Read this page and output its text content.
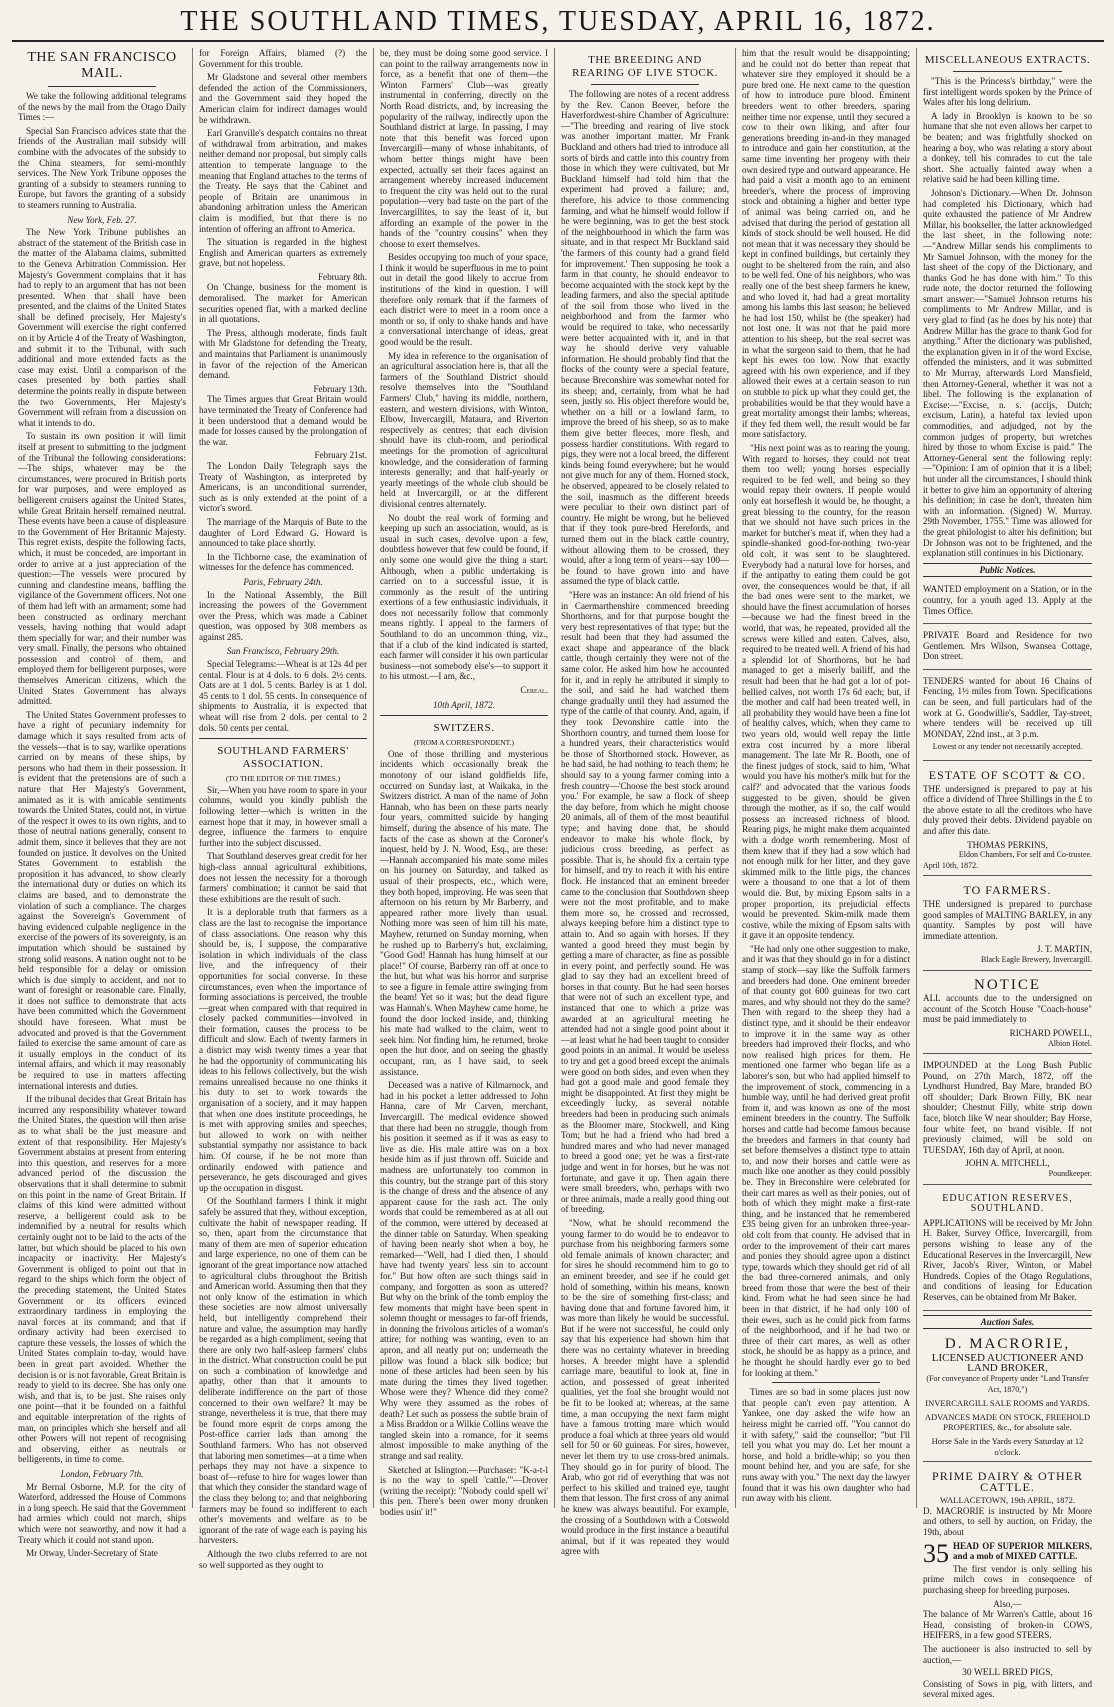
THE SOUTHLAND TIMES, TUESDAY, APRIL 16, 1872.
THE SAN FRANCISCO MAIL.

We take the following additional telegrams of the news by the mail from the Otago Daily Times :—

Special San Francisco advices state that the friends of the Australian mail subsidy will combine with the advocates of the subsidy to the China steamers, for semi-monthly services. The New York Tribune opposes the granting of a subsidy to steamers running to Europe, but favors the granting of a subsidy to steamers running to Australia.

New York, Feb. 27.

The New York Tribune publishes an abstract of the statement of the British case in the matter of the Alabama claims, submitted to the Geneva Arbitration Commission. Her Majesty's Government complains that it has had to reply to an argument that has not been presented. When that shall have been presented, and the claims of the United States shall be defined precisely, Her Majesty's Government will exercise the right conferred on it by Article 4 of the Treaty of Washington, and submit it to the Tribunal, with such additional and more extended facts as the case may exist. Until a comparison of the cases presented by both parties shall determine the points really in dispute between the two Governments, Her Majesty's Government will refrain from a discussion on what it intends to do.

To sustain its own position it will limit itself at present to submitting to the judgment of the Tribunal the following considerations:—The ships, whatever may be the circumstances, were procured in British ports for war purposes, and were employed as belligerent cruisers against the United States, while Great Britain herself remained neutral. These events have been a cause of displeasure to the Government of Her Britannic Majesty. This regret exists, despite the following facts, which, it must be conceded, are important in order to arrive at a just appreciation of the question:—The vessels were procured by cunning and clandestine means, baffling the vigilance of the Government officers. Not one of them had left with an armament; some had been constructed as ordinary merchant vessels, having nothing that would adapt them specially for war; and their number was very small. Finally, the persons who obtained possession and control of them, and employed them for belligerent purposes, were themselves American citizens, which the United States Government has always admitted.

The United States Government professes to have a right of pecuniary indemnity for damage which it says resulted from acts of the vessels—that is to say, warlike operations carried on by means of these ships, by persons who had them in their possession. It is evident that the pretensions are of such a nature that Her Majesty's Government, animated as it is with amicable sentiments towards the United States, could not, in virtue of the respect it owes to its own rights, and to those of neutral nations generally, consent to admit them, since it believes that they are not founded on justice. It devolves on the United States Government to establish the proposition it has advanced, to show clearly the international duty or duties on which its claims are based, and to demonstrate the violation of such a compliance. The charges against the Sovereign's Government of having evidenced culpable negligence in the exercise of the powers of its sovereignty, is an imputation which should be sustained by strong solid reasons. A nation ought not to be held responsible for a delay or omission which is due simply to accident, and not to want of foresight or reasonable care. Finally, it does not suffice to demonstrate that acts have been committed which the Government should have foreseen. What must be advocated and proved is that the Government failed to exercise the same amount of care as it usually employs in the conduct of its internal affairs, and which it may reasonably be required to use in matters affecting international interests and duties.

If the tribunal decides that Great Britain has incurred any responsibility whatever toward the United States, the question will then arise as to what shall be the just measure and extent of that responsibility. Her Majesty's Government abstains at present from entering into this question, and reserves for a more advanced period of the discussion the observations that it shall determine to submit on this point in the name of Great Britain. If claims of this kind were admitted without reserve, a belligerent could ask to be indemnified by a neutral for results which certainly ought not to be laid to the acts of the latter, but which should be placed to his own incapacity or inactivity. Her Majesty's Government is obliged to point out that in regard to the ships which form the object of the preceding statement, the United States Government or its officers evinced extraordinary tardiness in employing the naval forces at its command; and that if ordinary activity had been exercised to capture these vessels, the losses of which the United States complain to-day, would have been in great part avoided. Whether the decision is or is not favorable, Great Britain is ready to yield to its decree. She has only one wish, and that is, to be just. She raises only one point—that it be founded on a faithful and equitable interpretation of the rights of man, on principles which she herself and all other Powers will not repent of recognising and observing, either as neutrals or belligerents, in time to come.

London, February 7th.

Mr Bernal Osborne, M.P. for the city of Waterford, addressed the House of Commons in a long speech. He said that the Government had armies which could not march, ships which were not seaworthy, and now it had a Treaty which it could not stand upon.

Mr Otway, Under-Secretary of State

for Foreign Affairs, blamed (?) the Government for this trouble.

Mr Gladstone and several other members defended the action of the Commissioners, and the Government said they hoped the American claim for indirect damages would be withdrawn.

Earl Granville's despatch contains no threat of withdrawal from arbitration, and makes neither demand nor proposal, but simply calls attention to temperate language to the meaning that England attaches to the terms of the Treaty. He says that the Cabinet and people of Britain are unanimous in abandoning arbitration unless the American claim is modified, but that there is no intention of offering an affront to America.

The situation is regarded in the highest English and American quarters as extremely grave, but not hopeless.

February 8th.

On 'Change, business for the moment is demoralised. The market for American securities opened flat, with a marked decline in all quotations.

The Press, although moderate, finds fault with Mr Gladstone for defending the Treaty, and maintains that Parliament is unanimously in favor of the rejection of the American demand.

February 13th.

The Times argues that Great Britain would have terminated the Treaty of Conference had it been understood that a demand would be made for losses caused by the prolongation of the war.

February 21st.

The London Daily Telegraph says the Treaty of Washington, as interpreted by Americans, is an unconditional surrender, such as is only extended at the point of a victor's sword.

The marriage of the Marquis of Bute to the daughter of Lord Edward G. Howard is announced to take place shortly.

In the Tichborne case, the examination of witnesses for the defence has commenced.

Paris, February 24th.

In the National Assembly, the Bill increasing the powers of the Government over the Press, which was made a Cabinet question, was opposed by 308 members as against 285.

San Francisco, February 29th.

Special Telegrams:—Wheat is at 12s 4d per cental. Flour is at 4 dols. to 6 dols. 2½ cents. Oats are at 1 dol. 5 cents. Barley is at 1 dol. 45 cents to 1 dol. 55 cents. In consequence of shipments to Australia, it is expected that wheat will rise from 2 dols. per cental to 2 dols. 50 cents per cental.

SOUTHLAND FARMERS' ASSOCIATION.
(TO THE EDITOR OF THE TIMES.)

Sir,—When you have room to spare in your columns, would you kindly publish the following letter—which is written in the earnest hope that it may, in however small a degree, influence the farmers to enquire further into the subject discussed.

That Southland deserves great credit for her high-class annual agricultural exhibitions, does not lessen the necessity for a thorough farmers' combination; it cannot be said that these exhibitions are the result of such.

It is a deplorable truth that farmers as a class are the last to recognise the importance of class associations. One reason why this should be, is, I suppose, the comparative isolation in which individuals of the class live, and the infrequency of their opportunities for social converse. In these circumstances, even when the importance of forming associations is perceived, the trouble—great when compared with that required in closely packed communities—involved in their formation, causes the process to be difficult and slow. Each of twenty farmers in a district may wish twenty times a year that he had the opportunity of communicating his ideas to his fellows collectively, but the wish remains unrealised because no one thinks it his duty to set to work towards the organisation of a society, and it may happen that when one does institute proceedings, he is met with approving smiles and speeches, but allowed to work on with neither substantial sympathy nor assistance to back him. Of course, if he be not more than ordinarily endowed with patience and perseverance, he gets discouraged and gives up the occupation in disgust.

Of the Southland farmers I think it might safely be assured that they, without exception, cultivate the habit of newspaper reading. If so, then, apart from the circumstance that many of them are men of superior education and large experience, no one of them can be ignorant of the great importance now attached to agricultural clubs throughout the British and American world. Assuming then that they not only know of the estimation in which these societies are now almost universally held, but intelligently comprehend their nature and value, the assumption may hardly be regarded as a high compliment, seeing that there are only two half-asleep farmers' clubs in the district. What construction could be put on such a combination of knowledge and apathy, other than that it amounts to deliberate indifference on the part of those concerned to their own welfare? It may be strange, nevertheless it is true, that there may be found more esprit de corps among the Post-office carrier lads than among the Southland farmers. Who has not observed that laboring men sometimes—at a time when perhaps they may not have a sixpence to boast of—refuse to hire for wages lower than that which they consider the standard wage of the class they belong to; and that neighboring farmers may be found so indifferent to each other's movements and welfare as to be ignorant of the rate of wage each is paying his harvesters.

Although the two clubs referred to are not so well supported as they ought to

be, they must be doing some good service. I can point to the railway arrangements now in force, as a benefit that one of them—the Winton Farmers' Club—was greatly instrumental in conferring, directly on the North Road districts, and, by increasing the popularity of the railway, indirectly upon the Southland district at large. In passing, I may note that this benefit was forced upon Invercargill—many of whose inhabitants, of whom better things might have been expected, actually set their faces against an arrangement whereby increased inducement to frequent the city was held out to the rural population—very bad taste on the part of the Invercargillites, to say the least of it, but affording an example of the power in the hands of the "country cousins" when they choose to exert themselves.

Besides occupying too much of your space, I think it would be superfluous in me to point out in detail the good likely to accrue from institutions of the kind in question. I will therefore only remark that if the farmers of each district were to meet in a room once a month or so, if only to shake hands and have a conversational interchange of ideas, great good would be the result.

My idea in reference to the organisation of an agricultural association here is, that all the farmers of the Southland District should resolve themselves into the "Southland Farmers' Club," having its middle, northern, eastern, and western divisions, with Winton, Elbow, Invercargill, Mataura, and Riverton respectively as centres; that each division should have its club-room, and periodical meetings for the promotion of agricultural knowledge, and the consideration of farming interests generally; and that half-yearly or yearly meetings of the whole club should be held at Invercargill, or at the different divisional centres alternately.

No doubt the real work of forming and keeping up such an association, would, as is usual in such cases, devolve upon a few, doubtless however that few could be found, if only some one would give the thing a start. Although, when a public undertaking is carried on to a successful issue, it is commonly as the result of the untiring exertions of a few enthusiastic individuals, it does not necessarily follow that commonly means rightly. I appeal to the farmers of Southland to do an uncommon thing, viz., that if a club of the kind indicated is started, each farmer will consider it his own particular business—not somebody else's—to support it to his utmost.—I am, &c.,

Cereal.
10th April, 1872.
SWITZERS.
(FROM A CORRESPONDENT.)

One of those thrilling and mysterious incidents which occasionally break the monotony of our island goldfields life, occurred on Sunday last, at Waikaka, in the Switzers district. A man of the name of John Hannah, who has been on these parts nearly four years, committed suicide by hanging himself, during the absence of his mate. The facts of the case as shown at the Coroner's inquest, held by J. N. Wood, Esq., are these:—Hannah accompanied his mate some miles on his journey on Saturday, and talked as usual of their prospects, etc., which were, they both hoped, improving. He was seen that afternoon on his return by Mr Barberry, and appeared rather more lively than usual. Nothing more was seen of him till his mate, Mayhew, returned on Sunday morning, when he rushed up to Barberry's hut, exclaiming, "Good God! Hannah has hung himself at our place!" Of course, Barberry ran off at once to the hut, but what was his horror and surprise to see a figure in female attire swinging from the beam! Yet so it was; but the dead figure was Hannah's. When Mayhew came home, he found the door locked inside, and, thinking his mate had walked to the claim, went to seek him. Not finding him, he returned, broke open the hut door, and on seeing the ghastly occupant, ran, as I have said, to seek assistance.

Deceased was a native of Kilmarnock, and had in his pocket a letter addressed to John Hanna, care of Mr Carven, merchant, Invercargill. The medical evidence showed that there had been no struggle, though from his position it seemed as if it was as easy to live as die. His male attire was on a box beside him as if just thrown off. Suicide and madness are unfortunately too common in this country, but the strange part of this story is the change of dress and the absence of any apparent cause for the rash act. The only words that could be remembered as at all out of the common, were uttered by deceased at the dinner table on Saturday. When speaking of having been nearly shot when a boy, he remarked—"Well, had I died then, I should have had twenty years' less sin to account for." But how often are such things said in company, and forgotten as soon as uttered? But why on the brink of the tomb employ the few moments that might have been spent in solemn thought or messages to far-off friends, in donning the frivolous articles of a woman's attire; for nothing was wanting, even to an apron, and all neatly put on; underneath the pillow was found a black silk bodice; but none of these articles had been seen by his mate during the times they lived together. Whose were they? Whence did they come? Why were they assumed as the robes of death? Let such as possess the subtle brain of a Miss Braddon or a Wilkie Collins weave the tangled skein into a romance, for it seems almost impossible to make anything of the strange and sad reality.

Sketched at Islington.—Purchaser: "K-a-t-l is no the way to spell 'cattle.'"—Drover (writing the receipt): "Nobody could spell wi' this pen. There's been ower mony drunken bodies usin' it!"

THE BREEDING AND REARING OF LIVE STOCK.

The following are notes of a recent address by the Rev. Canon Beever, before the Haverfordwest-shire Chamber of Agriculture:—"The breeding and rearing of live stock was another important matter. Mr Frank Buckland and others had tried to introduce all sorts of birds and cattle into this country from those in which they were cultivated, but Mr Buckland himself had told him that the experiment had proved a failure; and, therefore, his advice to those commencing farming, and what he himself would follow if he were beginning, was to get the best stock of the neighbourhood in which the farm was situate, and in that respect Mr Buckland said 'the farmers of this county had a grand field for improvement.' Then supposing he took a farm in that county, he should endeavor to become acquainted with the stock kept by the leading farmers, and also the special aptitude of the soil from those who lived in the neighborhood and from the farmer who would be required to take, who necessarily were better acquainted with it, and in that way he should derive very valuable information. He should probably find that the flocks of the county were a special feature, because Breconshire was somewhat noted for its sheep; and, certainly, from what he had seen, justly so. His object therefore would be, whether on a hill or a lowland farm, to improve the breed of his sheep, so as to make them give better fleeces, more flesh, and possess hardier constitutions. With regard to pigs, they were not a local breed, the different kinds being found everywhere; but he would not give much for any of them. Horned stock, he observed, appeared to be closely related to the soil, inasmuch as the different breeds were peculiar to their own distinct part of country. He might be wrong, but he believed that if they took pure-bred Herefords, and turned them out in the black cattle country, without allowing them to be crossed, they would, after a long term of years—say 100—be found to have grown into and have assumed the type of black cattle.

"Here was an instance: An old friend of his in Caermarthenshire commenced breeding Shorthorns, and for that purpose bought the very best representatives of that type; but the result had been that they had assumed the exact shape and appearance of the black cattle, though certainly they were not of the same color. He asked him how he accounted for it, and in reply he attributed it simply to the soil, and said he had watched them change gradually until they had assumed the type of the cattle of that county. And, again, if they took Devonshire cattle into the Shorthorn country, and turned them loose for a hundred years, their characteristics would be those of Shorthorned stock. However, as he had said, he had nothing to teach them; he should say to a young farmer coming into a fresh country—'Choose the best stock around you.' For example, he saw a flock of sheep the day before, from which he might choose 20 animals, all of them of the most beautiful type; and having done that, he should endeavor to make his whole flock, by judicious cross breeding, as perfect as possible. That is, he should fix a certain type for himself, and try to reach it with his entire flock. He instanced that an eminent breeder came to the conclusion that Southdown sheep were not the most profitable, and to make them more so, he crossed and recrossed, always keeping before him a distinct type to attain to. And so again with horses. If they wanted a good breed they must begin by getting a mare of character, as fine as possible in every point, and perfectly sound. He was glad to say they had an excellent breed of horses in that county. But he had seen horses that were not of such an excellent type, and instanced that one to which a prize was awarded at an agricultural meeting he attended had not a single good point about it—at least what he had been taught to consider good points in an animal. It would be useless to try and get a good breed except the animals were good on both sides, and even when they had got a good male and good female they might be disappointed. At first they might be exceedingly lucky, as several notable breeders had been in producing such animals as the Bloomer mare, Stockwell, and King Tom; but he had a friend who had bred a hundred mares and who had never managed to breed a good one; yet he was a first-rate judge and went in for horses, but he was not fortunate, and gave it up. Then again there were small breeders, who, perhaps with two or three animals, made a really good thing out of breeding.

"Now, what he should recommend the young farmer to do would be to endeavor to purchase from his neighboring farmers some old female animals of known character; and for sires he should recommend him to go to an eminent breeder, and see if he could get hold of something, within his means, known to be the sire of something first-class; and having done that and fortune favored him, it was more than likely he would be successful. But if he were not successful, he could only say that his experience had shown him that there was no certainty whatever in breeding horses. A breeder might have a splendid carriage mare, beautiful to look at, fine in action, and possessed of great inherited qualities, yet the foal she brought would not be fit to be looked at; whereas, at the same time, a man occupying the next farm might have a famous trotting mare which would produce a foal which at three years old would sell for 50 or 60 guineas. For sires, however, never let them try to use cross-bred animals. They should go in for purity of blood. The Arab, who got rid of everything that was not perfect to his skilled and trained eye, taught them that lesson. The first cross of any animal he knew was always beautiful. For example, the crossing of a Southdown with a Cotswold would produce in the first instance a beautiful animal, but if it was repeated they would agree with

him that the result would be disappointing; and he could not do better than repeat that whatever sire they employed it should be a pure bred one. He next came to the question of how to introduce pure blood. Eminent breeders went to other breeders, sparing neither time nor expense, until they secured a cow to their own liking, and after four generations breeding in-and-in they managed to introduce and gain her constitution, at the same time inventing her progeny with their own desired type and outward appearance. He had paid a visit a month ago to an eminent breeder's, where the process of improving stock and obtaining a higher and better type of animal was being carried on, and he advised that during the period of gestation all kinds of stock should be well housed. He did not mean that it was necessary they should be kept in confined buildings, but certainly they ought to be sheltered from the rain, and also to be well fed. One of his neighbors, who was really one of the best sheep farmers he knew, and who loved it, had had a great mortality among his lambs this last season; he believed he had lost 150, whilst he (the speaker) had not lost one. It was not that he paid more attention to his sheep, but the real secret was in what the surgeon said to them, that he had kept his ewes too low. Now that exactly agreed with his own experience, and if they allowed their ewes at a certain season to run on stubble to pick up what they could get, the probabilities would be that they would have a great mortality amongst their lambs; whereas, if they fed them well, the result would be far more satisfactory.

"His next point was as to rearing the young. With regard to horses, they could not treat them too well; young horses especially required to be fed well, and being so they would repay their owners. If people would only eat horseflesh it would be, he thought, a great blessing to the country, for the reason that we should not have such prices in the market for butcher's meat if, when they had a spindle-shanked good-for-nothing two-year old colt, it was sent to be slaughtered. Everybody had a natural love for horses, and if the antipathy to eating them could be got over, the consequences would be that, if all the bad ones were sent to the market, we should have the finest accumulation of horses—because we had the finest breed in the world, that was, he repeated, provided all the screws were killed and eaten. Calves, also, required to be treated well. A friend of his had a splendid lot of Shorthorns, but he had managed to get a miserly bailiff, and the result had been that he had got a lot of pot-bellied calves, not worth 17s 6d each; but, if the mother and calf had been treated well, in all probability they would have been a fine lot of healthy calves, which, when they came to two years old, would well repay the little extra cost incurred by a more liberal management. The late Mr R. Booth, one of the finest judges of stock, said to him, 'What would you have his mother's milk but for the calf?' and advocated that the various foods suggested to be given, should be given through the mother, as if so, the calf would possess an increased richness of blood. Rearing pigs, he might make them acquainted with a dodge worth remembering. Most of them knew that if they had a sow which had not enough milk for her litter, and they gave skimmed milk to the little pigs, the chances were a thousand to one that a lot of them would die. But, by mixing Epsom salts in a proper proportion, its prejudicial effects would be prevented. Skim-milk made them costive, while the mixing of Epsom salts with it gave it an opposite tendency.

"He had only one other suggestion to make, and it was that they should go in for a distinct stamp of stock—say like the Suffolk farmers and breeders had done. One eminent breeder of that county got 600 guineas for two cart mares, and why should not they do the same? Then with regard to the sheep they had a distinct type, and it should be their endeavor to improve it in the same way as other breeders had improved their flocks, and who now realised high prices for them. He mentioned one farmer who began life as a laborer's son, but who had applied himself to the improvement of stock, commencing in a humble way, until he had derived great profit from it, and was known as one of the most eminent breeders in the country. The Suffolk horses and cattle had become famous because the breeders and farmers in that county had set before themselves a distinct type to attain to, and now their horses and cattle were as much like one another as they could possibly be. They in Breconshire were celebrated for their cart mares as well as their ponies, out of both of which they might make a first-rate thing, and he instanced that he remembered £35 being given for an unbroken three-year-old colt from that county. He advised that in order to the improvement of their cart mares and ponies they should agree upon a distinct type, towards which they should get rid of all the bad three-cornered animals, and only breed from those that were the best of their kind. From what he had seen since he had been in that district, if he had only 100 of their ewes, such as he could pick from farms of the neighborhood, and if he had two or three of their cart mares, as well as other stock, he should be as happy as a prince, and he thought he should hardly ever go to bed for looking at them."

Times are so bad in some places just now that people can't even pay attention. A Yankee, one day asked the wife how an heiress might be carried off. "You cannot do it with safety," said the counsellor; "but I'll tell you what you may do. Let her mount a horse, and hold a bridle-whip; so you then mount behind her, and you are safe, for she runs away with you." The next day the lawyer found that it was his own daughter who had run away with his client.

MISCELLANEOUS EXTRACTS.

"This is the Princess's birthday," were the first intelligent words spoken by the Prince of Wales after his long delirium.

A lady in Brooklyn is known to be so humane that she not even allows her carpet to be beaten; and was frightfully shocked on hearing a boy, who was relating a story about a donkey, tell his comrades to cut the tale short. She actually fainted away when a relative said he had been killing time.

Johnson's Dictionary.—When Dr. Johnson had completed his Dictionary, which had quite exhausted the patience of Mr Andrew Millar, his bookseller, the latter acknowledged the last sheet, in the following note:—"Andrew Millar sends his compliments to Mr Samuel Johnson, with the money for the last sheet of the copy of the Dictionary, and thanks God he has done with him." To this rude note, the doctor returned the following smart answer:—"Samuel Johnson returns his compliments to Mr Andrew Millar, and is very glad to find (as he does by his note) that Andrew Millar has the grace to thank God for anything." After the dictionary was published, the explanation given in it of the word Excise, offended the ministers, and it was submitted to Mr Murray, afterwards Lord Mansfield, then Attorney-General, whether it was not a libel. The following is the explanation of Excise:—"Excise, n. s. (accijs, Dutch; excisum, Latin), a hateful tax levied upon commodities, and adjudged, not by the common judges of property, but wretches hired by those to whom Excise is paid." The Attorney-General sent the following reply:—"Opinion: I am of opinion that it is a libel; but under all the circumstances, I should think it better to give him an opportunity of altering his definition; in case he don't, threaten him with an information. (Signed) W. Murray. 29th November, 1755." Time was allowed for the great philologist to alter his definition; but Dr Johnson was not to be frightened, and the explanation still continues in his Dictionary.

Public Notices.

WANTED employment on a Station, or in the country, for a youth aged 13. Apply at the Times Office.

PRIVATE Board and Residence for two Gentlemen. Mrs Wilson, Swansea Cottage, Don street.

TENDERS wanted for about 16 Chains of Fencing, 1½ miles from Town. Specifications can be seen, and full particulars had of the work at G. Goodwillie's, Saddler, Tay-street, where tenders will be received up till MONDAY, 22nd inst., at 3 p.m.

Lowest or any tender not necessarily accepted.

ESTATE OF SCOTT & CO.

THE undersigned is prepared to pay at his office a dividend of Three Shillings in the £ to the above estate to all the creditors who have duly proved their debts. Dividend payable on and after this date.

THOMAS PERKINS,
Eldon Chambers, For self and Co-trustee.
April 10th, 1872.
TO FARMERS.

THE undersigned is prepared to purchase good samples of MALTING BARLEY, in any quantity. Samples by post will have immediate attention.

J. T. MARTIN,
Black Eagle Brewery, Invercargill.
NOTICE

ALL accounts due to the undersigned on account of the Scotch House "Coach-house" must be paid immediately to

RICHARD POWELL,
Albion Hotel.

IMPOUNDED at the Long Bush Public Pound, on 27th March, 1872, off the Lyndhurst Hundred, Bay Mare, branded BO off shoulder; Dark Brown Filly, BK near shoulder; Chestnut Filly, white strip down face, blotch like W near shoulder; Bay Horse, four white feet, no brand visible. If not previously claimed, will be sold on TUESDAY, 16th day of April, at noon.

JOHN A. MITCHELL,
Poundkeeper.
EDUCATION RESERVES, SOUTHLAND.

APPLICATIONS will be received by Mr John H. Baker, Survey Office, Invercargill, from persons wishing to lease any of the Educational Reserves in the Invercargill, New River, Jacob's River, Winton, or Mabel Hundreds. Copies of the Otago Regulations, and conditions of leasing for Education Reserves, can be obtained from Mr Baker.

Auction Sales.
D. MACRORIE,
LICENSED AUCTIONEER AND LAND BROKER,
(For conveyance of Property under "Land Transfer Act, 1870,")
INVERCARGILL SALE ROOMS and YARDS.
ADVANCES MADE ON STOCK, FREEHOLD PROPERTIES, &c., for absolute sale.
Horse Sale in the Yards every Saturday at 12 o'clock.
PRIME DAIRY & OTHER CATTLE.
WALLACETOWN, 19th APRIL, 1872.

D. MACRORIE is instructed by Mr Moore and others, to sell by auction, on Friday, the 19th, about

35 HEAD OF SUPERIOR MILKERS, and a mob of MIXED CATTLE.

The first vendor is only selling his prime milch cows in consequence of purchasing sheep for breeding purposes.

Also,—

The balance of Mr Warren's Cattle, about 16 Head, consisting of broken-in COWS, HEIFERS, in a few good STEERS.

The auctioneer is also instructed to sell by auction,—

30 WELL BRED PIGS,

Consisting of Sows in pig, with litters, and several mixed ages.
